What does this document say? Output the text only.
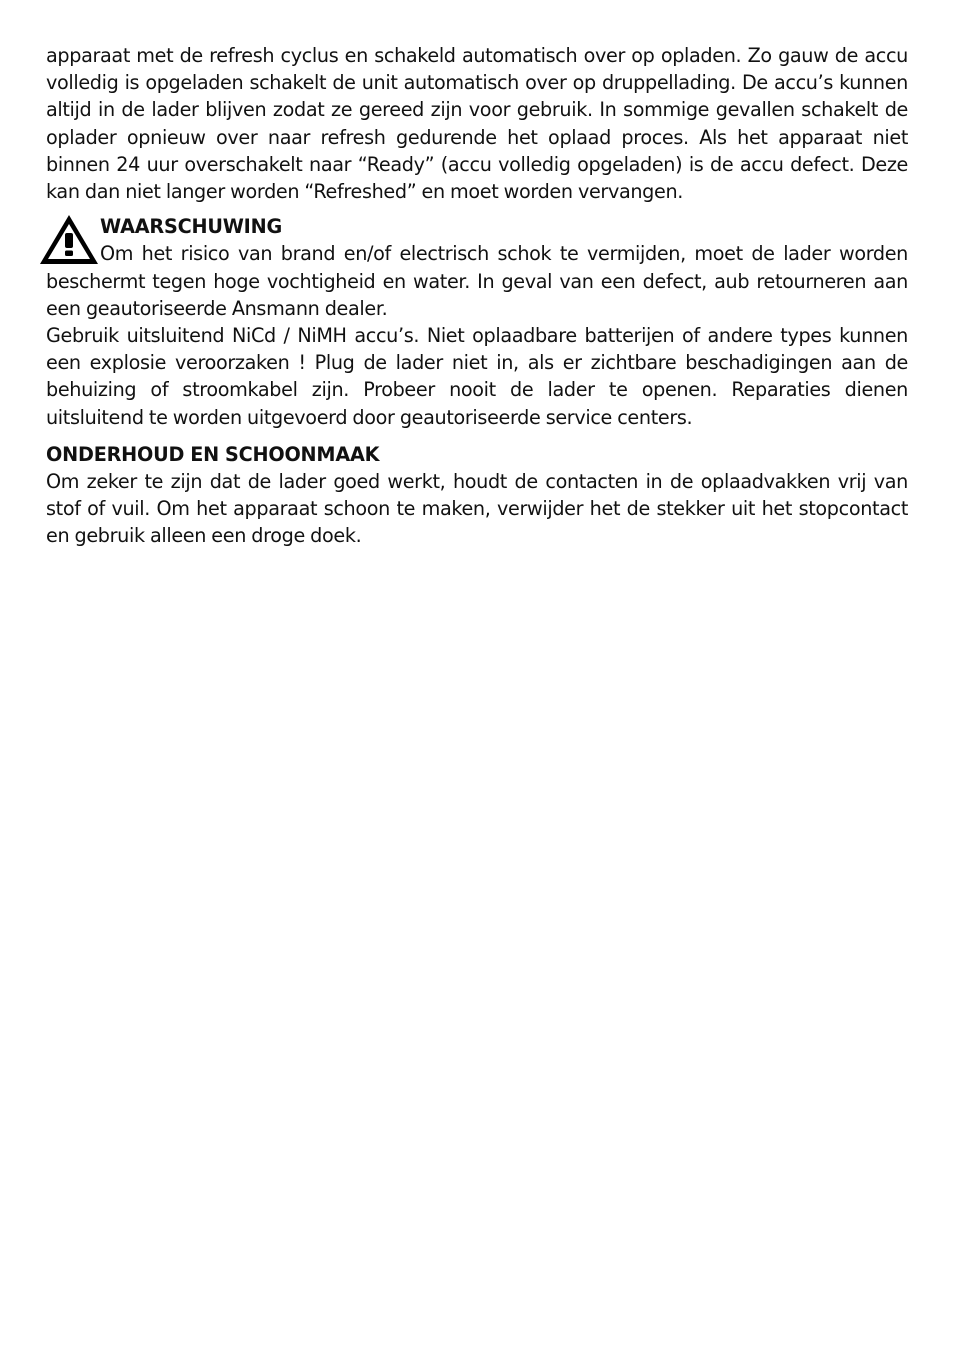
apparaat met de refresh cyclus en schakeld automatisch over op opladen. Zo gauw de accu volledig is opgeladen schakelt de unit automatisch over op druppellading. De accu’s kunnen altijd in de lader blijven zodat ze gereed zijn voor gebruik. In sommige gevallen schakelt de oplader opnieuw over naar refresh gedurende het oplaad proces. Als het apparaat niet binnen 24 uur overschakelt naar “Ready” (accu volledig opgeladen) is de accu defect. Deze kan dan niet langer worden “Refreshed” en moet worden vervangen.

WAARSCHUWING

Om het risico van brand en/of electrisch schok te vermijden, moet de lader worden beschermt tegen hoge vochtigheid en water. In geval van een defect, aub retourneren aan een geautoriseerde Ansmann dealer.

Gebruik uitsluitend NiCd / NiMH accu’s. Niet oplaadbare batterijen of andere types kunnen een explosie veroorzaken ! Plug de lader niet in, als er zichtbare beschadigingen aan de behuizing of stroomkabel zijn. Probeer nooit de lader te openen. Reparaties dienen uitsluitend te worden uitgevoerd door geautoriseerde service centers.

ONDERHOUD EN SCHOONMAAK

Om zeker te zijn dat de lader goed werkt, houdt de contacten in de oplaadvakken vrij van stof of vuil. Om het apparaat schoon te maken, verwijder het de stekker uit het stopcontact en gebruik alleen een droge doek.
